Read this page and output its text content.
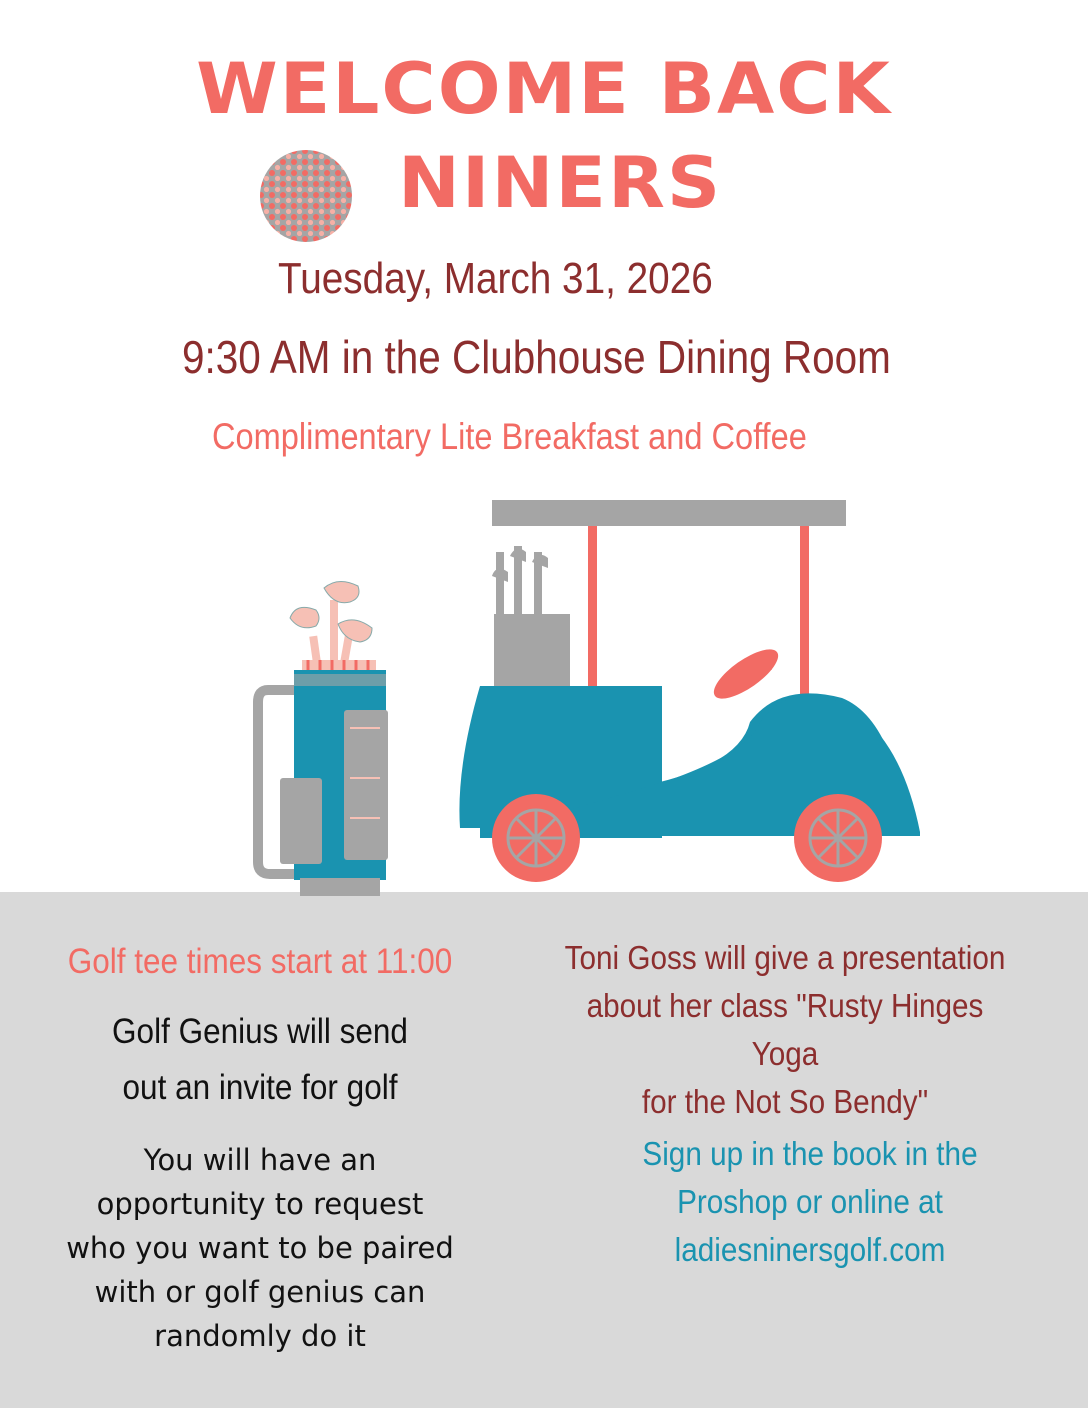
WELCOME BACK
NINERS
Tuesday, March 31, 2026
9:30 AM in the Clubhouse Dining Room
Complimentary Lite Breakfast and Coffee
Golf tee times start at 11:00
Golf Genius will send
out an invite for golf
You will have an
opportunity to request
who you want to be paired
with or golf genius can
randomly do it
Toni Goss will give a presentation
about her class "Rusty Hinges Yoga
for the Not So Bendy"
Sign up in the book in the
Proshop or online at
ladiesninersgolf.com
